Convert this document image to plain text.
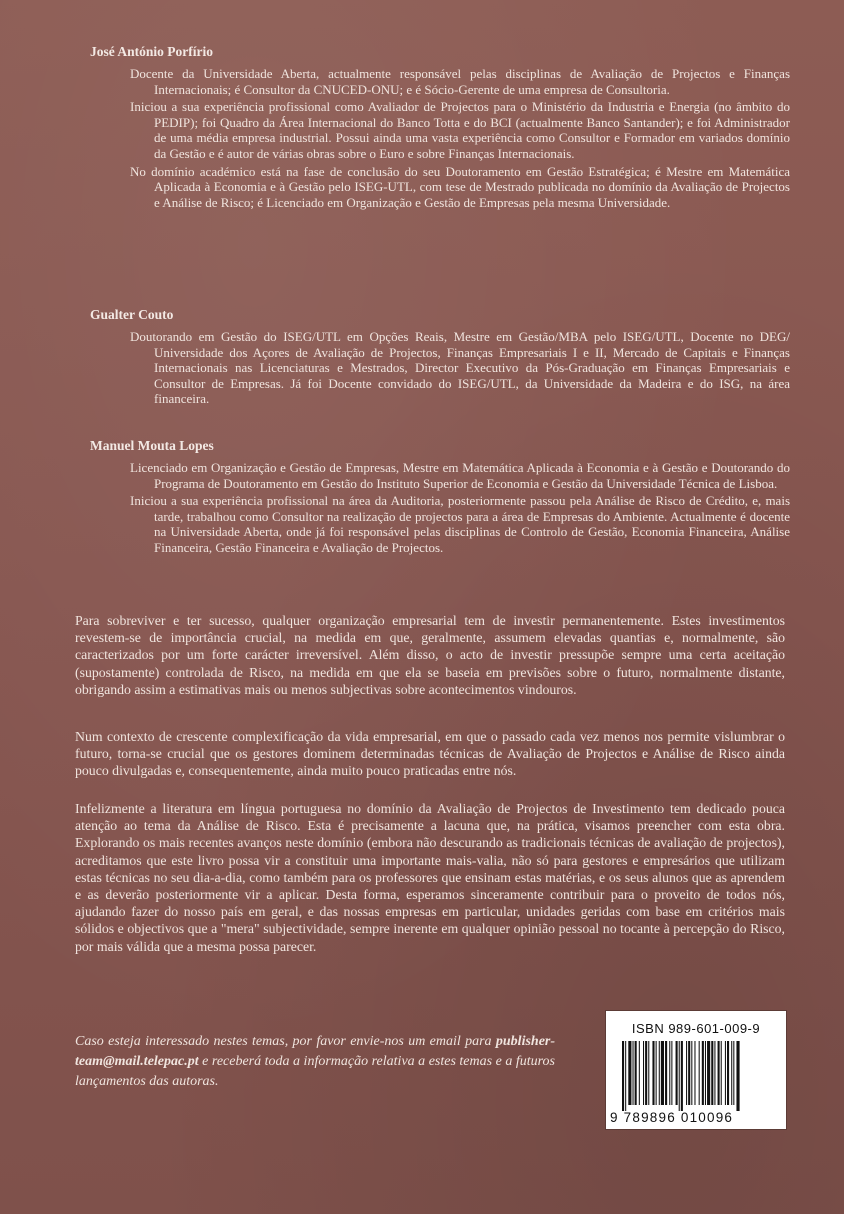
José António Porfírio

Docente da Universidade Aberta, actualmente responsável pelas disciplinas de Avaliação de Projectos e Finanças Internacionais; é Consultor da CNUCED-ONU; e é Sócio-Gerente de uma empresa de Consultoria.

Iniciou a sua experiência profissional como Avaliador de Projectos para o Ministério da Industria e Energia (no âmbito do PEDIP); foi Quadro da Área Internacional do Banco Totta e do BCI (actualmente Banco Santander); e foi Administrador de uma média empresa industrial. Possui ainda uma vasta experiência como Consultor e Formador em variados domínio da Gestão e é autor de várias obras sobre o Euro e sobre Finanças Internacionais.

No domínio académico está na fase de conclusão do seu Doutoramento em Gestão Estratégica; é Mestre em Matemática Aplicada à Economia e à Gestão pelo ISEG-UTL, com tese de Mestrado publicada no domínio da Avaliação de Projectos e Análise de Risco; é Licenciado em Organização e Gestão de Empresas pela mesma Universidade.

Gualter Couto

Doutorando em Gestão do ISEG/UTL em Opções Reais, Mestre em Gestão/MBA pelo ISEG/UTL, Docente no DEG/ Universidade dos Açores de Avaliação de Projectos, Finanças Empresariais I e II, Mercado de Capitais e Finanças Internacionais nas Licenciaturas e Mestrados, Director Executivo da Pós-Graduação em Finanças Empresariais e Consultor de Empresas. Já foi Docente convidado do ISEG/UTL, da Universidade da Madeira e do ISG, na área financeira.

Manuel Mouta Lopes

Licenciado em Organização e Gestão de Empresas, Mestre em Matemática Aplicada à Economia e à Gestão e Doutorando do Programa de Doutoramento em Gestão do Instituto Superior de Economia e Gestão da Universidade Técnica de Lisboa.

Iniciou a sua experiência profissional na área da Auditoria, posteriormente passou pela Análise de Risco de Crédito, e, mais tarde, trabalhou como Consultor na realização de projectos para a área de Empresas do Ambiente. Actualmente é docente na Universidade Aberta, onde já foi responsável pelas disciplinas de Controlo de Gestão, Economia Financeira, Análise Financeira, Gestão Financeira e Avaliação de Projectos.

Para sobreviver e ter sucesso, qualquer organização empresarial tem de investir permanentemente. Estes investimentos revestem-se de importância crucial, na medida em que, geralmente, assumem elevadas quantias e, normalmente, são caracterizados por um forte carácter irreversível. Além disso, o acto de investir pressupõe sempre uma certa aceitação (supostamente) controlada de Risco, na medida em que ela se baseia em previsões sobre o futuro, normalmente distante, obrigando assim a estimativas mais ou menos subjectivas sobre acontecimentos vindouros.

Num contexto de crescente complexificação da vida empresarial, em que o passado cada vez menos nos permite vislumbrar o futuro, torna-se crucial que os gestores dominem determinadas técnicas de Avaliação de Projectos e Análise de Risco ainda pouco divulgadas e, consequentemente, ainda muito pouco praticadas entre nós.

Infelizmente a literatura em língua portuguesa no domínio da Avaliação de Projectos de Investimento tem dedicado pouca atenção ao tema da Análise de Risco. Esta é precisamente a lacuna que, na prática, visamos preencher com esta obra. Explorando os mais recentes avanços neste domínio (embora não descurando as tradicionais técnicas de avaliação de projectos), acreditamos que este livro possa vir a constituir uma importante mais-valia, não só para gestores e empresários que utilizam estas técnicas no seu dia-a-dia, como também para os professores que ensinam estas matérias, e os seus alunos que as aprendem e as deverão posteriormente vir a aplicar. Desta forma, esperamos sinceramente contribuir para o proveito de todos nós, ajudando fazer do nosso país em geral, e das nossas empresas em particular, unidades geridas com base em critérios mais sólidos e objectivos que a "mera" subjectividade, sempre inerente em qualquer opinião pessoal no tocante à percepção do Risco, por mais válida que a mesma possa parecer.

Caso esteja interessado nestes temas, por favor envie-nos um email para publisher-team@mail.telepac.pt e receberá toda a informação relativa a estes temas e a futuros lançamentos das autoras.

ISBN 989-601-009-9
9 789896 010096
